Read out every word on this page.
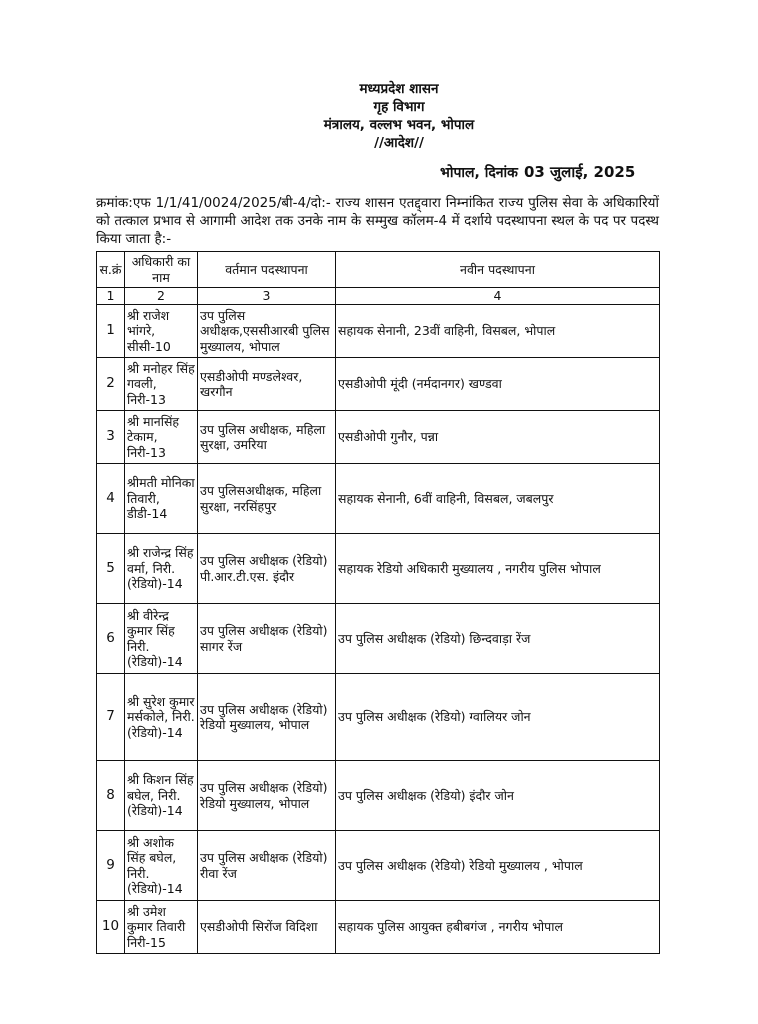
मध्यप्रदेश शासन
गृह विभाग
मंत्रालय, वल्लभ भवन, भोपाल
//आदेश//
भोपाल, दिनांक 03 जुलाई, 2025
क्रमांक:एफ 1/1/41/0024/2025/बी-4/दो:- राज्य शासन एतद्द्वारा निम्नांकित राज्य पुलिस सेवा के अधिकारियों को तत्काल प्रभाव से आगामी आदेश तक उनके नाम के सम्मुख कॉलम-4 में दर्शाये पदस्थापना स्थल के पद पर पदस्थ किया जाता है:-
स.क्रं	अधिकारी का नाम	वर्तमान पदस्थापना	नवीन पदस्थापना
1	2	3	4
1	श्री राजेश भांगरे, सीसी-10	उप पुलिस अधीक्षक,एससीआरबी पुलिस मुख्यालय, भोपाल	सहायक सेनानी, 23वीं वाहिनी, विसबल, भोपाल
2	श्री मनोहर सिंह गवली, निरी-13	एसडीओपी मण्डलेश्वर, खरगौन	एसडीओपी मूंदी (नर्मदानगर) खण्डवा
3	श्री मानसिंह टेकाम, निरी-13	उप पुलिस अधीक्षक, महिला सुरक्षा, उमरिया	एसडीओपी गुनौर, पन्ना
4	श्रीमती मोनिका तिवारी, डीडी-14	उप पुलिसअधीक्षक, महिला सुरक्षा, नरसिंहपुर	सहायक सेनानी, 6वीं वाहिनी, विसबल, जबलपुर
5	श्री राजेन्द्र सिंह वर्मा, निरी. (रेडियो)-14	उप पुलिस अधीक्षक (रेडियो) पी.आर.टी.एस. इंदौर	सहायक रेडियो अधिकारी मुख्यालय , नगरीय पुलिस भोपाल
6	श्री वीरेन्द्र कुमार सिंह निरी. (रेडियो)-14	उप पुलिस अधीक्षक (रेडियो) सागर रेंज	उप पुलिस अधीक्षक (रेडियो) छिन्दवाड़ा रेंज
7	श्री सुरेश कुमार मर्सकोले, निरी. (रेडियो)-14	उप पुलिस अधीक्षक (रेडियो) रेडियो मुख्यालय, भोपाल	उप पुलिस अधीक्षक (रेडियो) ग्वालियर जोन
8	श्री किशन सिंह बघेल, निरी. (रेडियो)-14	उप पुलिस अधीक्षक (रेडियो) रेडियो मुख्यालय, भोपाल	उप पुलिस अधीक्षक (रेडियो) इंदौर जोन
9	श्री अशोक सिंह बघेल, निरी. (रेडियो)-14	उप पुलिस अधीक्षक (रेडियो) रीवा रेंज	उप पुलिस अधीक्षक (रेडियो) रेडियो मुख्यालय , भोपाल
10	श्री उमेश कुमार तिवारी निरी-15	एसडीओपी सिरोंज विदिशा	सहायक पुलिस आयुक्त हबीबगंज , नगरीय भोपाल
